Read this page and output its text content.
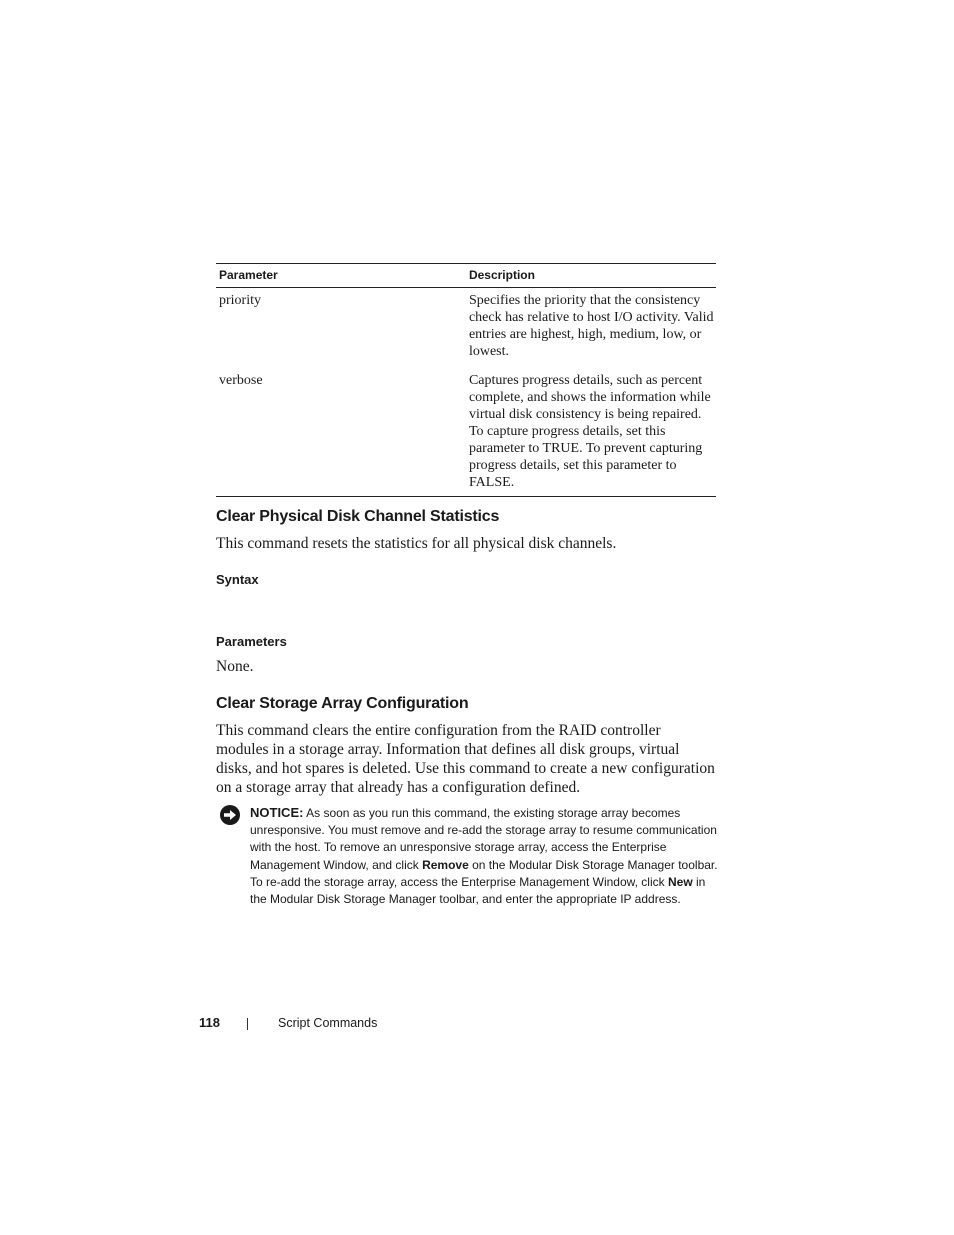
Parameter	Description
priority	Specifies the priority that the consistency check has relative to host I/O activity. Valid entries are highest, high, medium, low, or lowest.
verbose	Captures progress details, such as percent complete, and shows the information while virtual disk consistency is being repaired. To capture progress details, set this parameter to TRUE. To prevent capturing progress details, set this parameter to FALSE.
Clear Physical Disk Channel Statistics

This command resets the statistics for all physical disk channels.

Syntax
Parameters

None.

Clear Storage Array Configuration

This command clears the entire configuration from the RAID controller modules in a storage array. Information that defines all disk groups, virtual disks, and hot spares is deleted. Use this command to create a new configuration on a storage array that already has a configuration defined.

NOTICE: As soon as you run this command, the existing storage array becomes unresponsive. You must remove and re-add the storage array to resume communication with the host. To remove an unresponsive storage array, access the Enterprise Management Window, and click Remove on the Modular Disk Storage Manager toolbar. To re-add the storage array, access the Enterprise Management Window, click New in the Modular Disk Storage Manager toolbar, and enter the appropriate IP address.

118	Script Commands
